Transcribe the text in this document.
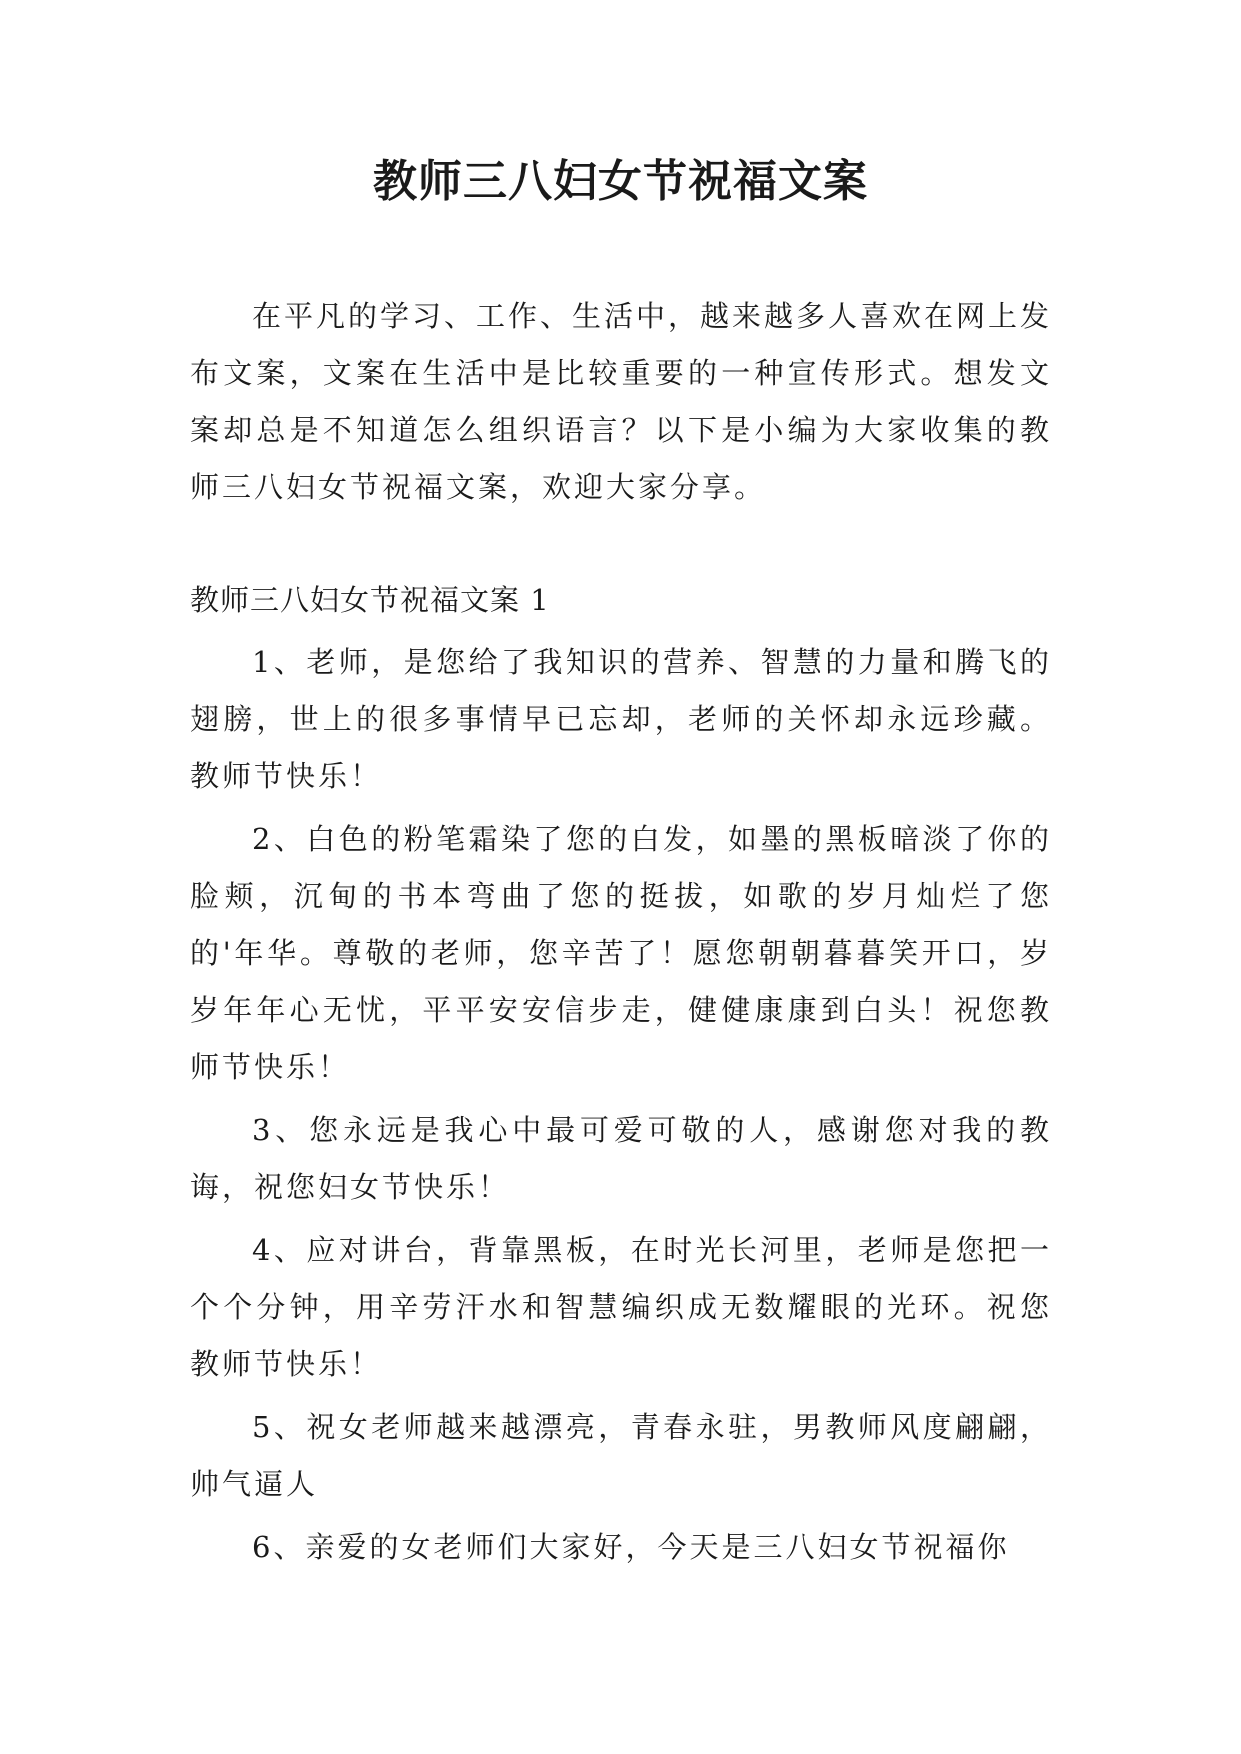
教师三八妇女节祝福文案

在平凡的学习、工作、生活中，越来越多人喜欢在网上发布文案，文案在生活中是比较重要的一种宣传形式。想发文案却总是不知道怎么组织语言？以下是小编为大家收集的教师三八妇女节祝福文案，欢迎大家分享。

教师三八妇女节祝福文案 1

1、老师，是您给了我知识的营养、智慧的力量和腾飞的翅膀，世上的很多事情早已忘却，老师的关怀却永远珍藏。教师节快乐！
2、白色的粉笔霜染了您的白发，如墨的黑板暗淡了你的脸颊，沉甸的书本弯曲了您的挺拔，如歌的岁月灿烂了您的'年华。尊敬的老师，您辛苦了！愿您朝朝暮暮笑开口，岁岁年年心无忧，平平安安信步走，健健康康到白头！祝您教师节快乐！
3、您永远是我心中最可爱可敬的人，感谢您对我的教诲，祝您妇女节快乐！
4、应对讲台，背靠黑板，在时光长河里，老师是您把一个个分钟，用辛劳汗水和智慧编织成无数耀眼的光环。祝您教师节快乐！
5、祝女老师越来越漂亮，青春永驻，男教师风度翩翩，帅气逼人
6、亲爱的女老师们大家好，今天是三八妇女节祝福你
